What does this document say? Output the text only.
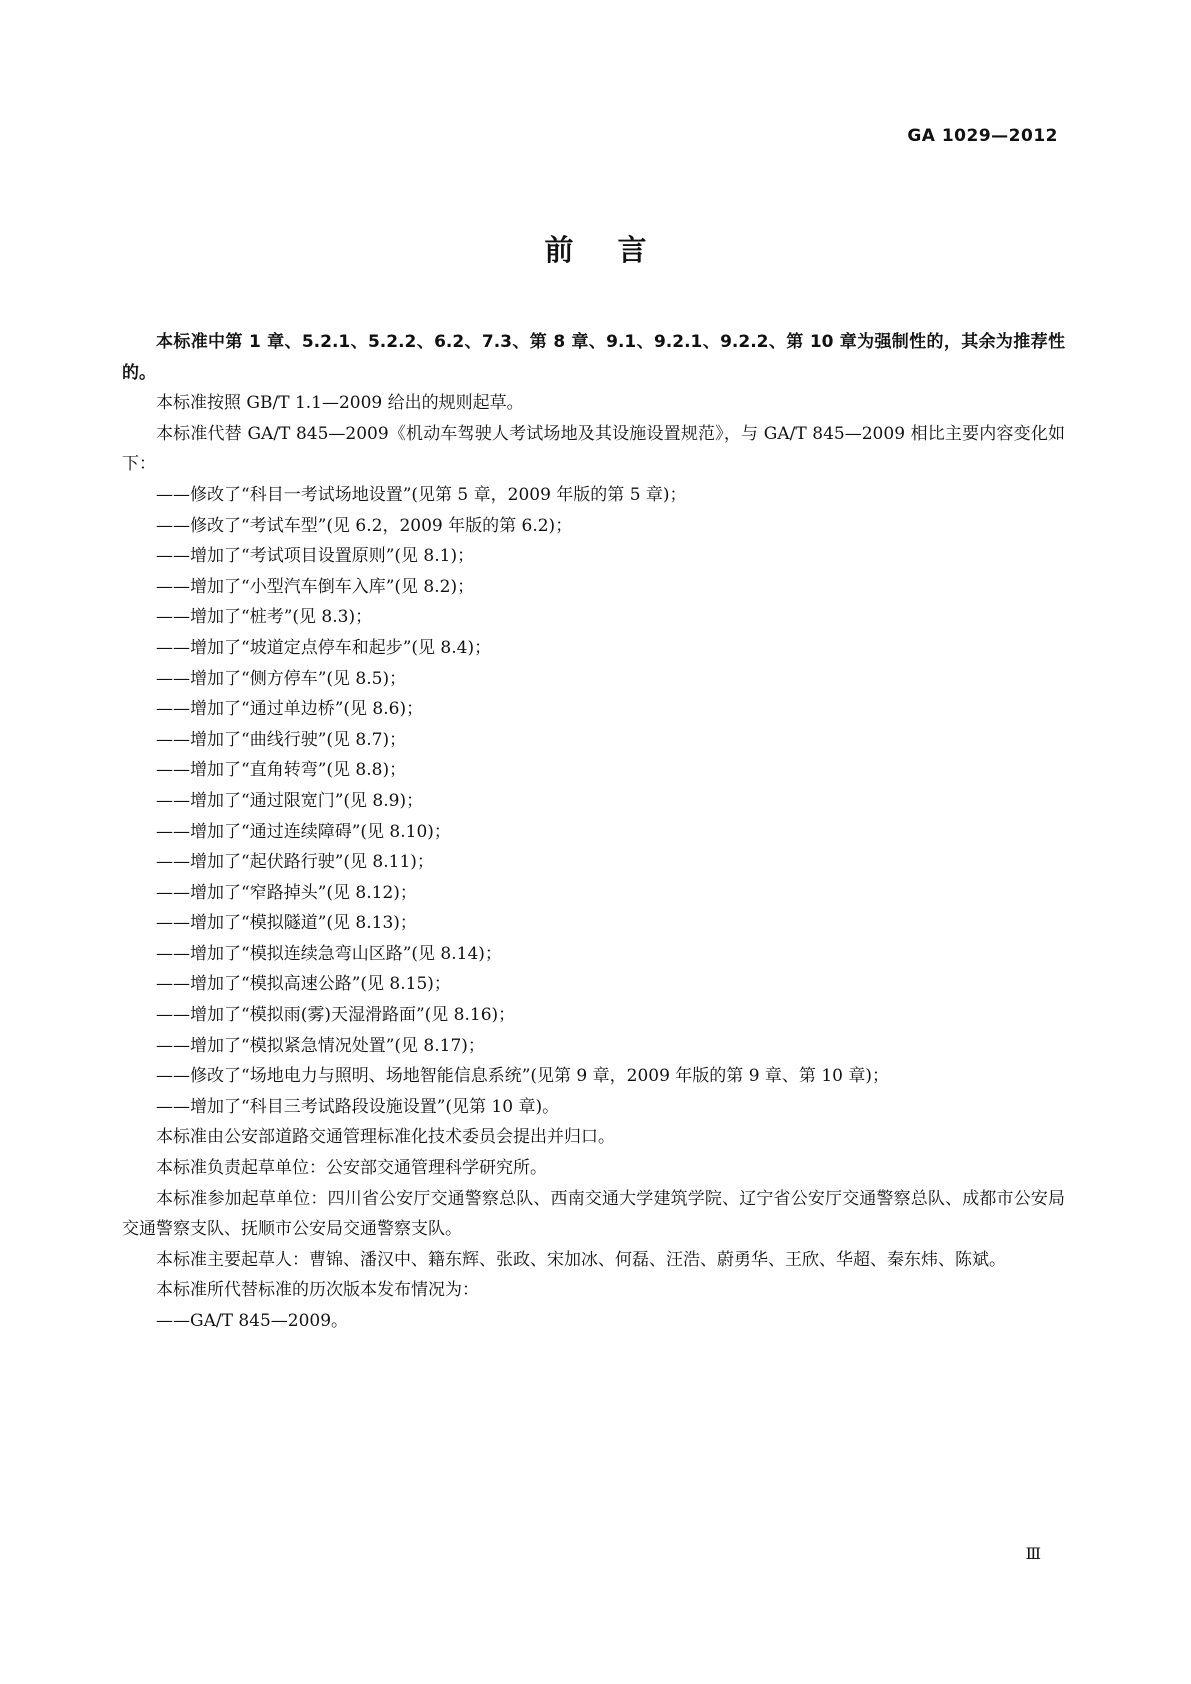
GA 1029—2012
前言

本标准中第 1 章、5.2.1、5.2.2、6.2、7.3、第 8 章、9.1、9.2.1、9.2.2、第 10 章为强制性的，其余为推荐性的。

本标准按照 GB/T 1.1—2009 给出的规则起草。

本标准代替 GA/T 845—2009《机动车驾驶人考试场地及其设施设置规范》，与 GA/T 845—2009 相比主要内容变化如下：

——修改了“科目一考试场地设置”(见第 5 章，2009 年版的第 5 章)；

——修改了“考试车型”(见 6.2，2009 年版的第 6.2)；

——增加了“考试项目设置原则”(见 8.1)；

——增加了“小型汽车倒车入库”(见 8.2)；

——增加了“桩考”(见 8.3)；

——增加了“坡道定点停车和起步”(见 8.4)；

——增加了“侧方停车”(见 8.5)；

——增加了“通过单边桥”(见 8.6)；

——增加了“曲线行驶”(见 8.7)；

——增加了“直角转弯”(见 8.8)；

——增加了“通过限宽门”(见 8.9)；

——增加了“通过连续障碍”(见 8.10)；

——增加了“起伏路行驶”(见 8.11)；

——增加了“窄路掉头”(见 8.12)；

——增加了“模拟隧道”(见 8.13)；

——增加了“模拟连续急弯山区路”(见 8.14)；

——增加了“模拟高速公路”(见 8.15)；

——增加了“模拟雨(雾)天湿滑路面”(见 8.16)；

——增加了“模拟紧急情况处置”(见 8.17)；

——修改了“场地电力与照明、场地智能信息系统”(见第 9 章，2009 年版的第 9 章、第 10 章)；

——增加了“科目三考试路段设施设置”(见第 10 章)。

本标准由公安部道路交通管理标准化技术委员会提出并归口。

本标准负责起草单位：公安部交通管理科学研究所。

本标准参加起草单位：四川省公安厅交通警察总队、西南交通大学建筑学院、辽宁省公安厅交通警察总队、成都市公安局交通警察支队、抚顺市公安局交通警察支队。

本标准主要起草人：曹锦、潘汉中、籍东辉、张政、宋加冰、何磊、汪浩、蔚勇华、王欣、华超、秦东炜、陈斌。

本标准所代替标准的历次版本发布情况为：

——GA/T 845—2009。

Ⅲ
